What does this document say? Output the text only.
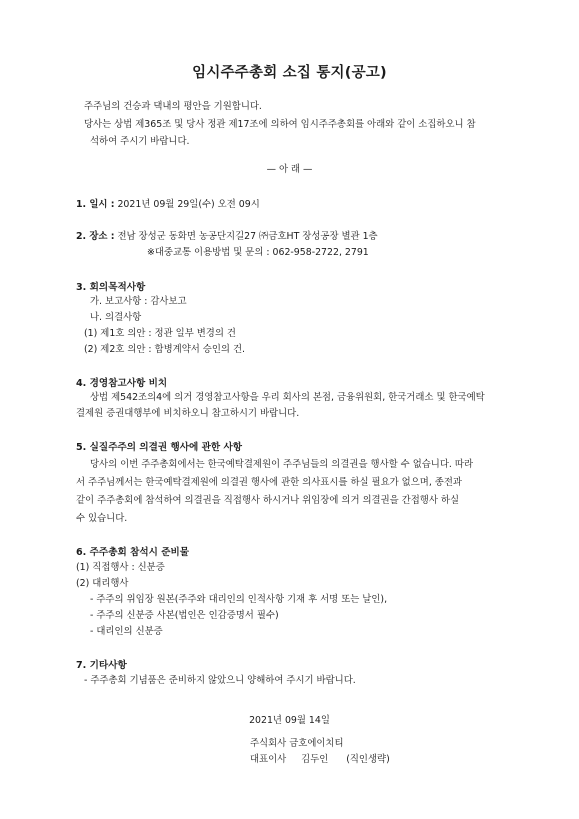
임시주주총회 소집 통지(공고)
주주님의 건승과 댁내의 평안을 기원합니다.
당사는 상법 제365조 및 당사 정관 제17조에 의하여 임시주주총회를 아래와 같이 소집하오니 참
석하여 주시기 바랍니다.
— 아 래 —
1. 일시 : 2021년 09월 29일(수) 오전 09시
2. 장소 : 전남 장성군 동화면 농공단지길27 ㈜금호HT 장성공장 별관 1층
※대중교통 이용방법 및 문의 : 062-958-2722, 2791
3. 회의목적사항
가. 보고사항 : 감사보고
나. 의결사항
(1) 제1호 의안 : 정관 일부 변경의 건
(2) 제2호 의안 : 합병계약서 승인의 건.
4. 경영참고사항 비치
상법 제542조의4에 의거 경영참고사항을 우리 회사의 본점, 금융위원회, 한국거래소 및 한국예탁
결제원 증권대행부에 비치하오니 참고하시기 바랍니다.
5. 실질주주의 의결권 행사에 관한 사항
당사의 이번 주주총회에서는 한국예탁결제원이 주주님들의 의결권을 행사할 수 없습니다. 따라
서 주주님께서는 한국예탁결제원에 의결권 행사에 관한 의사표시를 하실 필요가 없으며, 종전과
같이 주주총회에 참석하여 의결권을 직접행사 하시거나 위임장에 의거 의결권을 간접행사 하실
수 있습니다.
6. 주주총회 참석시 준비물
(1) 직접행사 : 신분증
(2) 대리행사
- 주주의 위임장 원본(주주와 대리인의 인적사항 기재 후 서명 또는 날인),
- 주주의 신분증 사본(법인은 인감증명서 필수)
- 대리인의 신분증
7. 기타사항
- 주주총회 기념품은 준비하지 않았으니 양해하여 주시기 바랍니다.
2021년 09월 14일
주식회사 금호에이치티
대표이사 김두인 (직인생략)
